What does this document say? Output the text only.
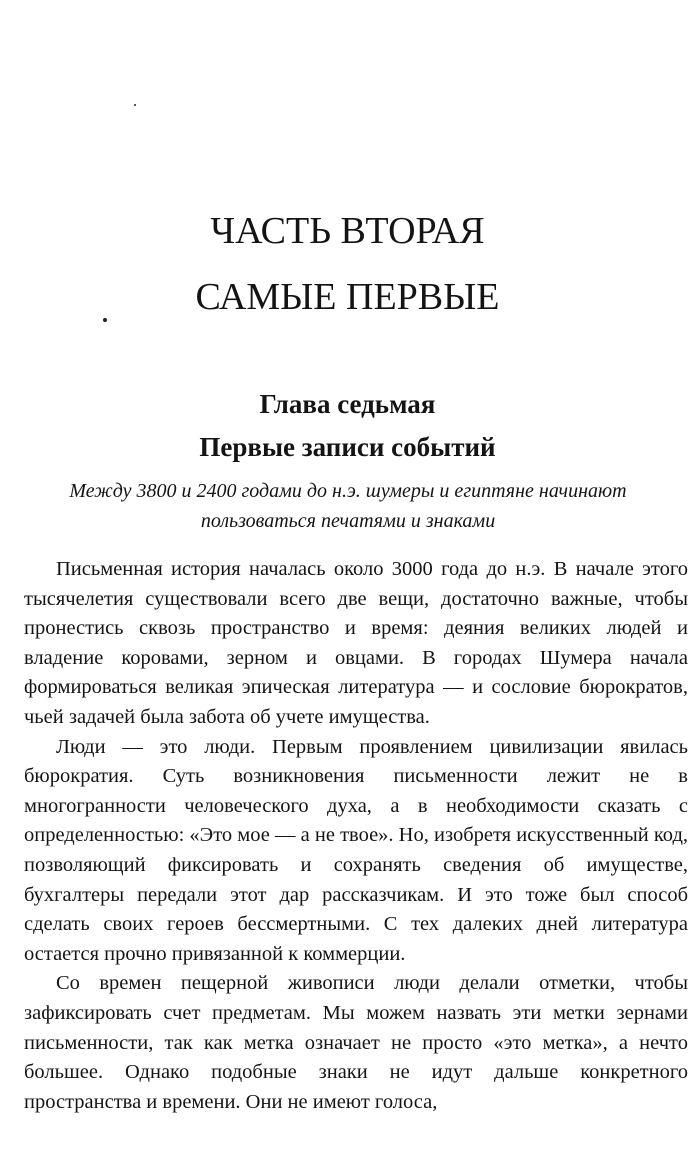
ЧАСТЬ ВТОРАЯ
САМЫЕ ПЕРВЫЕ
Глава седьмая
Первые записи событий

Между 3800 и 2400 годами до н.э. шумеры и египтяне начинают пользоваться печатями и знаками

Письменная история началась около 3000 года до н.э. В начале этого тысячелетия существовали всего две вещи, достаточно важные, чтобы пронестись сквозь пространство и время: деяния великих людей и владение коровами, зерном и овцами. В городах Шумера начала формироваться великая эпическая литература — и сословие бюрократов, чьей задачей была забота об учете имущества.

Люди — это люди. Первым проявлением цивилизации явилась бюрократия. Суть возникновения письменности лежит не в многогранности человеческого духа, а в необходимости сказать с определенностью: «Это мое — а не твое». Но, изобретя искусственный код, позволяющий фиксировать и сохранять сведения об имуществе, бухгалтеры передали этот дар рассказчикам. И это тоже был способ сделать своих героев бессмертными. С тех далеких дней литература остается прочно привязанной к коммерции.

Со времен пещерной живописи люди делали отметки, чтобы зафиксировать счет предметам. Мы можем назвать эти метки зернами письменности, так как метка означает не просто «это метка», а нечто большее. Однако подобные знаки не идут дальше конкретного пространства и времени. Они не имеют голоса,
